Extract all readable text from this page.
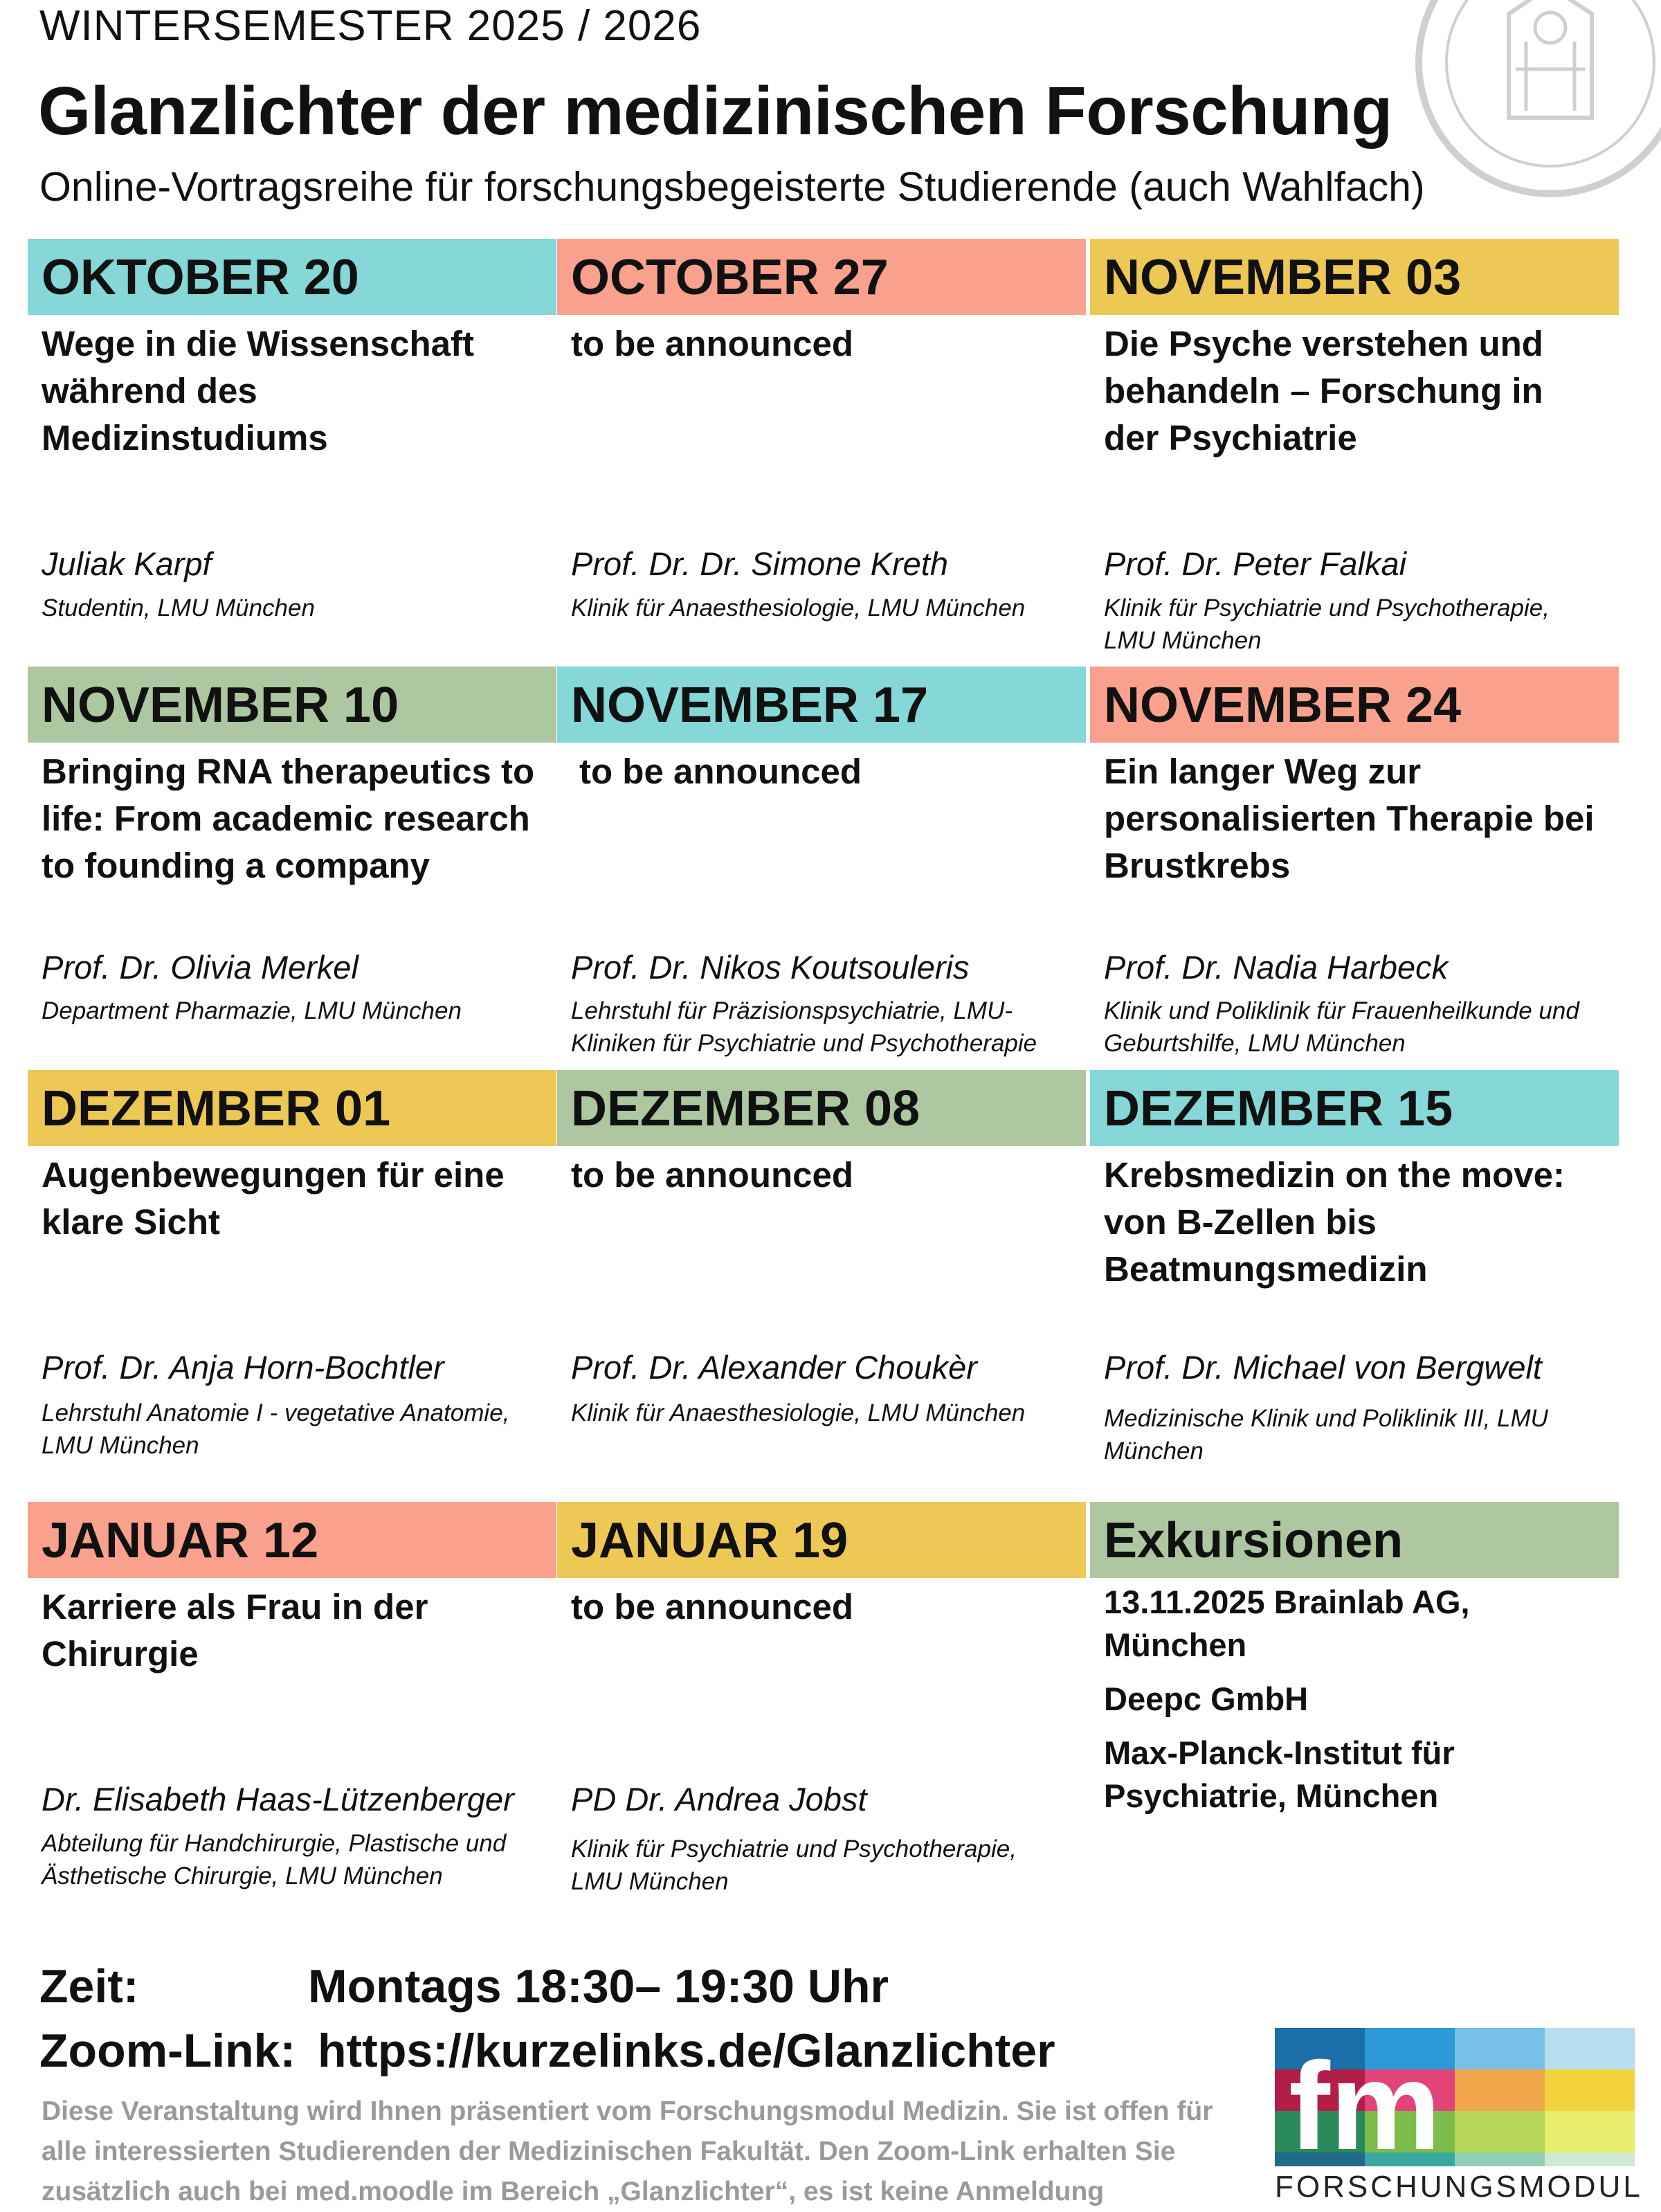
WINTERSEMESTER 2025 / 2026
Glanzlichter der medizinischen Forschung
Online-Vortragsreihe für forschungsbegeisterte Studierende (auch Wahlfach)
OKTOBER 20
Wege in die Wissenschaft während des Medizinstudiums
Juliak Karpf
Studentin, LMU München
OCTOBER 27
to be announced
Prof. Dr. Dr. Simone Kreth
Klinik für Anaesthesiologie, LMU München
NOVEMBER 03
Die Psyche verstehen und behandeln – Forschung in der Psychiatrie
Prof. Dr. Peter Falkai
Klinik für Psychiatrie und Psychotherapie, LMU München
NOVEMBER 10
Bringing RNA therapeutics to life: From academic research to founding a company
Prof. Dr. Olivia Merkel
Department Pharmazie, LMU München
NOVEMBER 17
to be announced
Prof. Dr. Nikos Koutsouleris
Lehrstuhl für Präzisionspsychiatrie, LMU-Kliniken für Psychiatrie und Psychotherapie
NOVEMBER 24
Ein langer Weg zur personalisierten Therapie bei Brustkrebs
Prof. Dr. Nadia Harbeck
Klinik und Poliklinik für Frauenheilkunde und Geburtshilfe, LMU München
DEZEMBER 01
Augenbewegungen für eine klare Sicht
Prof. Dr. Anja Horn-Bochtler
Lehrstuhl Anatomie I - vegetative Anatomie, LMU München
DEZEMBER 08
to be announced
Prof. Dr. Alexander Choukèr
Klinik für Anaesthesiologie, LMU München
DEZEMBER 15
Krebsmedizin on the move: von B-Zellen bis Beatmungsmedizin
Prof. Dr. Michael von Bergwelt
Medizinische Klinik und Poliklinik III, LMU München
JANUAR 12
Karriere als Frau in der Chirurgie
Dr. Elisabeth Haas-Lützenberger
Abteilung für Handchirurgie, Plastische und Ästhetische Chirurgie, LMU München
JANUAR 19
to be announced
PD Dr. Andrea Jobst
Klinik für Psychiatrie und Psychotherapie, LMU München
Exkursionen
13.11.2025 Brainlab AG, München
Deepc GmbH
Max-Planck-Institut für Psychiatrie, München
Zeit:	Montags 18:30– 19:30 Uhr
Zoom-Link: https://kurzelinks.de/Glanzlichter
Diese Veranstaltung wird Ihnen präsentiert vom Forschungsmodul Medizin. Sie ist offen für alle interessierten Studierenden der Medizinischen Fakultät. Den Zoom-Link erhalten Sie zusätzlich auch bei med.moodle im Bereich „Glanzlichter“, es ist keine Anmeldung
fm
FORSCHUNGSMODUL
